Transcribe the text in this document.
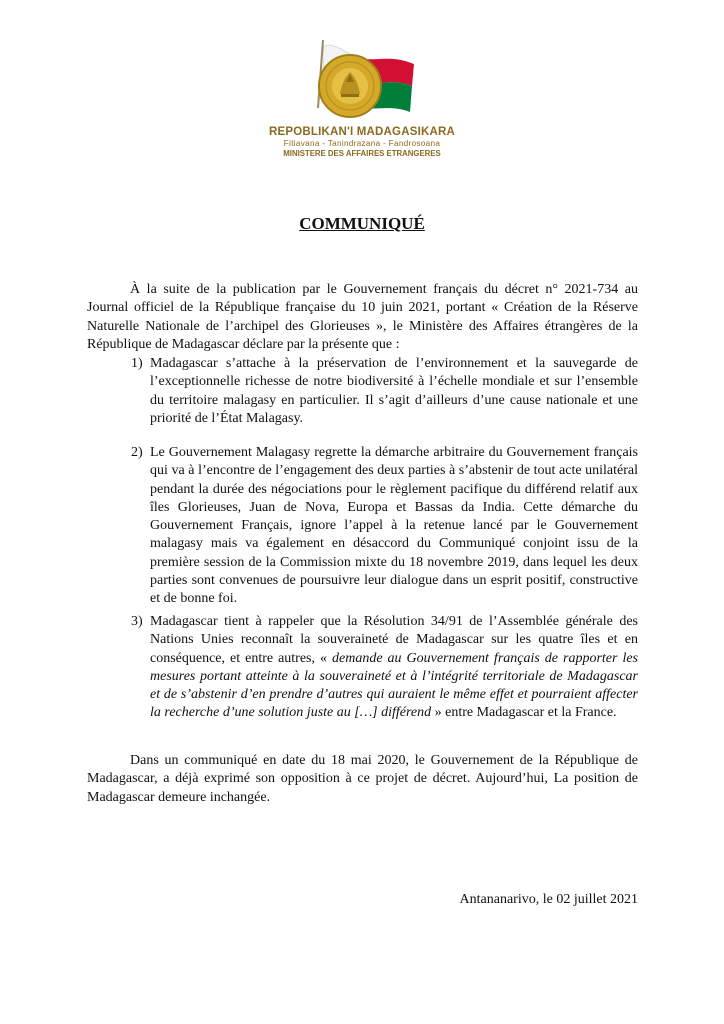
REPOBLIKAN'I MADAGASIKARA
Fitiavana - Tanindrazana - Fandrosoana
MINISTERE DES AFFAIRES ETRANGERES
COMMUNIQUÉ
À la suite de la publication par le Gouvernement français du décret n° 2021-734 au Journal officiel de la République française du 10 juin 2021, portant « Création de la Réserve Naturelle Nationale de l’archipel des Glorieuses », le Ministère des Affaires étrangères de la République de Madagascar déclare par la présente que :
1) Madagascar s’attache à la préservation de l’environnement et la sauvegarde de l’exceptionnelle richesse de notre biodiversité à l’échelle mondiale et sur l’ensemble du territoire malagasy en particulier. Il s’agit d’ailleurs d’une cause nationale et une priorité de l’État Malagasy.
2) Le Gouvernement Malagasy regrette la démarche arbitraire du Gouvernement français qui va à l’encontre de l’engagement des deux parties à s’abstenir de tout acte unilatéral pendant la durée des négociations pour le règlement pacifique du différend relatif aux îles Glorieuses, Juan de Nova, Europa et Bassas da India. Cette démarche du Gouvernement Français, ignore l’appel à la retenue lancé par le Gouvernement malagasy mais va également en désaccord du Communiqué conjoint issu de la première session de la Commission mixte du 18 novembre 2019, dans lequel les deux parties sont convenues de poursuivre leur dialogue dans un esprit positif, constructive et de bonne foi.
3) Madagascar tient à rappeler que la Résolution 34/91 de l’Assemblée générale des Nations Unies reconnaît la souveraineté de Madagascar sur les quatre îles et en conséquence, et entre autres, « demande au Gouvernement français de rapporter les mesures portant atteinte à la souveraineté et à l’intégrité territoriale de Madagascar et de s’abstenir d’en prendre d’autres qui auraient le même effet et pourraient affecter la recherche d’une solution juste au […] différend » entre Madagascar et la France.
Dans un communiqué en date du 18 mai 2020, le Gouvernement de la République de Madagascar, a déjà exprimé son opposition à ce projet de décret. Aujourd’hui, La position de Madagascar demeure inchangée.
Antananarivo, le 02 juillet 2021
